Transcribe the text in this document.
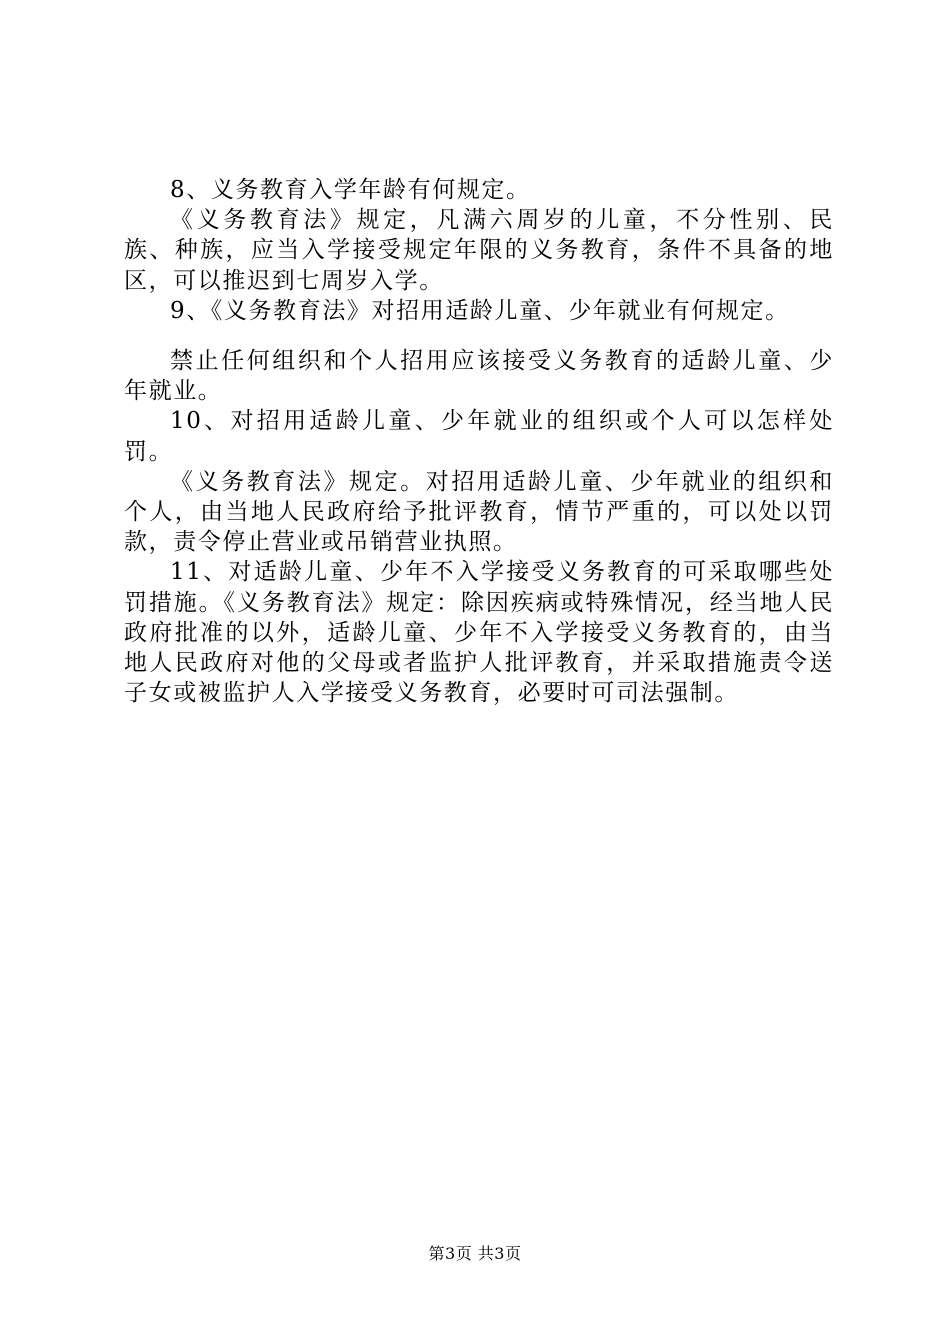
8、义务教育入学年龄有何规定。

《义务教育法》规定，凡满六周岁的儿童，不分性别、民族、种族，应当入学接受规定年限的义务教育，条件不具备的地区，可以推迟到七周岁入学。

9、《义务教育法》对招用适龄儿童、少年就业有何规定。

禁止任何组织和个人招用应该接受义务教育的适龄儿童、少年就业。

10、对招用适龄儿童、少年就业的组织或个人可以怎样处罚。

《义务教育法》规定。对招用适龄儿童、少年就业的组织和个人，由当地人民政府给予批评教育，情节严重的，可以处以罚款，责令停止营业或吊销营业执照。

11、对适龄儿童、少年不入学接受义务教育的可采取哪些处罚措施。《义务教育法》规定：除因疾病或特殊情况，经当地人民政府批准的以外，适龄儿童、少年不入学接受义务教育的，由当地人民政府对他的父母或者监护人批评教育，并采取措施责令送子女或被监护人入学接受义务教育，必要时可司法强制。

第3页 共3页
